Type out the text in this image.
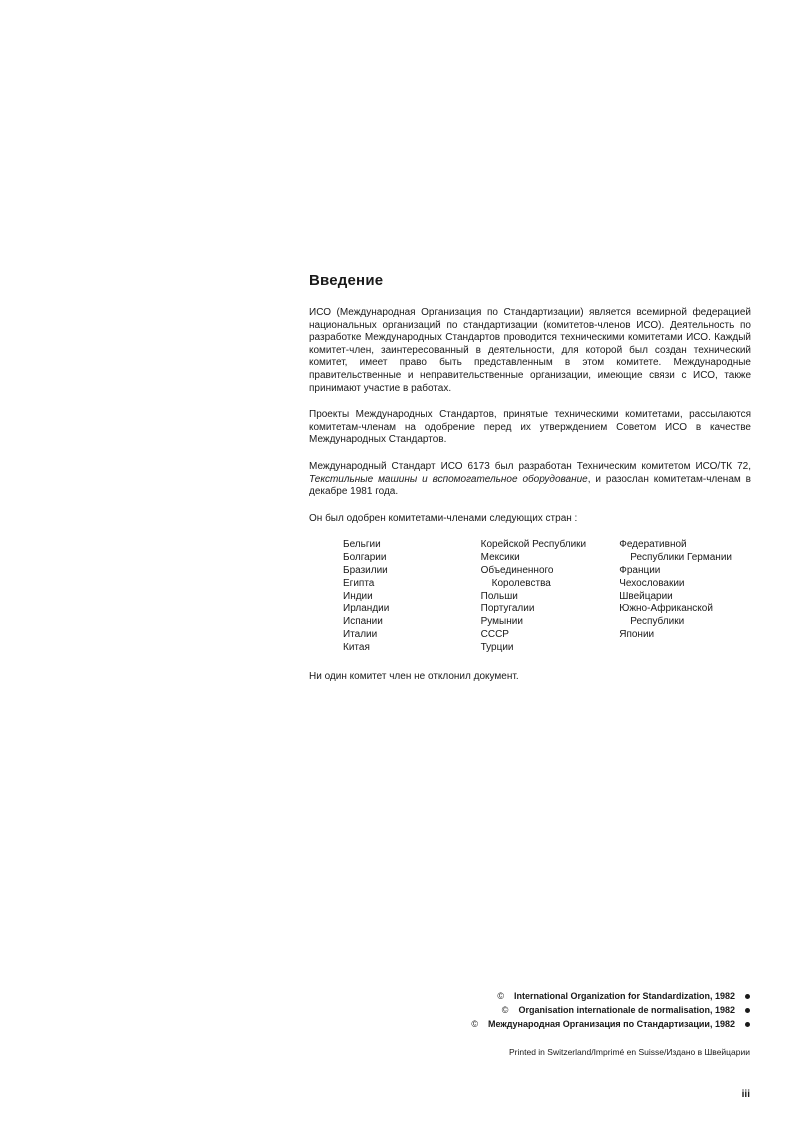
Введение

ИСО (Международная Организация по Стандартизации) является всемирной федерацией национальных организаций по стандартизации (комитетов-членов ИСО). Деятельность по разработке Международных Стандартов проводится техническими комитетами ИСО. Каждый комитет-член, заинтересованный в деятельности, для которой был создан технический комитет, имеет право быть представленным в этом комитете. Международные правительственные и неправительственные организации, имеющие связи с ИСО, также принимают участие в работах.

Проекты Международных Стандартов, принятые техническими комитетами, рассылаются комитетам-членам на одобрение перед их утверждением Советом ИСО в качестве Международных Стандартов.

Международный Стандарт ИСО 6173 был разработан Техническим комитетом ИСО/ТК 72, Текстильные машины и вспомогательное оборудование, и разослан комитетам-членам в декабре 1981 года.

Он был одобрен комитетами-членами следующих стран :

Бельгии
Болгарии
Бразилии
Египта
Индии
Ирландии
Испании
Италии
Китая
Корейской Республики
Мексики
Объединенного
Королевства
Польши
Португалии
Румынии
СССР
Турции
Федеративной
Республики Германии
Франции
Чехословакии
Швейцарии
Южно-Африканской
Республики
Японии

Ни один комитет член не отклонил документ.

© International Organization for Standardization, 1982
© Organisation internationale de normalisation, 1982
© Международная Организация по Стандартизации, 1982
Printed in Switzerland/Imprimé en Suisse/Издано в Швейцарии
iii
